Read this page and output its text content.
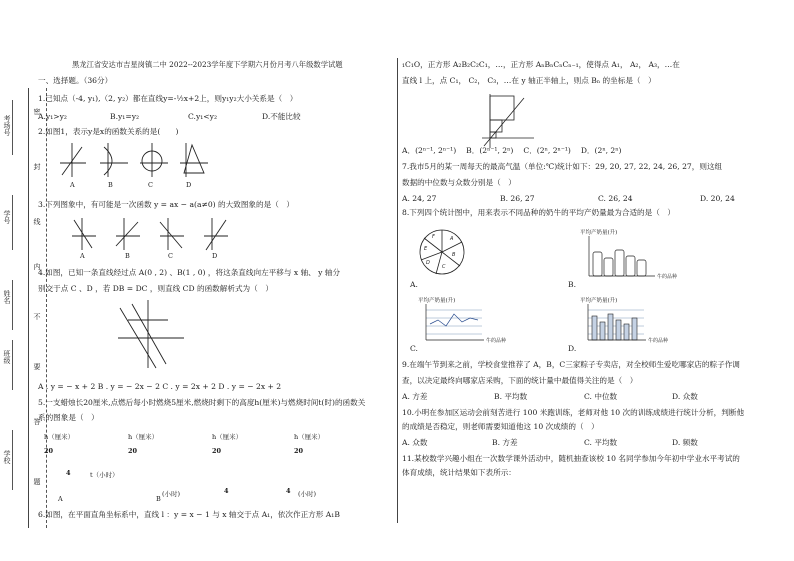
考场号
学号
姓名
班级
学校
密
封
线
内
不
要
答
题
黑龙江省安达市吉星岗镇二中 2022--2023学年度下学期六月份月考八年级数学试题
一、选择题。（36分）
1.已知点（-4, y₁),（2, y₂）都在直线y=-½x+2上，则y₁y₂大小关系是（　）
A.y₁>y₂	B.y₁=y₂	C.y₁<y₂	D.不能比较
2.如图1，表示y是x的函数关系的是(　　)
A	B	C	D
3.下列图象中，有可能是一次函数 y = ax − a(a≠0) 的大致图象的是（　）
A	B	C	D
4.如图，已知一条直线经过点 A(0 , 2) 、B(1 , 0) ，将这条直线向左平移与 x 轴、 y 轴分
别交于点 C 、D ，若 DB = DC ，则直线 CD 的函数解析式为（　）
A . y = − x + 2 B . y = − 2x − 2 C . y = 2x + 2 D . y = − 2x + 2
5.一支蜡烛长20厘米,点燃后每小时燃烧5厘米,燃烧时剩下的高度h(厘米)与燃烧时间t(时)的函数关
系的图象是（　）
h（厘米）	h（厘米）	h（厘米）	h（厘米）
20	20	20	20
4	t（小时）
4	4
(小时)	(小时)
A	B
6.如图，在平面直角坐标系中，直线 l ：y = x − 1 与 x 轴交于点 A₁，依次作正方形 A₁B
₁C₁O，正方形 A₂B₂C₂C₁，…，正方形 AₙBₙCₙCₙ₋₁，使得点 A₁， A₂， A₃，…在
直线 l 上，点 C₁， C₂， C₃，…在 y 轴正半轴上，则点 Bₙ 的坐标是（　）
A．(2ⁿ⁻¹, 2ⁿ⁻¹)　 B．(2ⁿ⁻¹, 2ⁿ)　 C．(2ⁿ, 2ⁿ⁻¹)　 D．(2ⁿ, 2ⁿ)
7.我市5月的某一周每天的最高气温（单位:℃)统计如下：29, 20, 27, 22, 24, 26, 27，则这组
数据的中位数与众数分别是（　）
A. 24, 27	B. 26, 27	C. 26, 24	D. 20, 24
8.下列四个统计图中，用来表示不同品种的奶牛的平均产奶量最为合适的是（　）
A
B
C
D
E
F
A.
平均产奶量(升)
牛的品种
B.
平均产奶量(升)
牛的品种
C.
平均产奶量(升)
牛的品种
D.
9.在端午节到来之前，学校食堂推荐了 A，B，C三家粽子专卖店，对全校师生爱吃哪家店的粽子作调
查，以决定最终向哪家店采购，下面的统计量中最值得关注的是（　）
A. 方差	B. 平均数	C. 中位数	D. 众数
10.小明在参加区运动会前刻苦进行 100 米跑训练，老师对他 10 次的训练成绩进行统计分析，判断他
的成绩是否稳定，则老师需要知道他这 10 次成绩的（　）
A. 众数	B. 方差	C. 平均数	D. 频数
11.某校数学兴趣小组在一次数学课外活动中，随机抽查该校 10 名同学参加今年初中学业水平考试的
体育成绩，统计结果如下表所示：
